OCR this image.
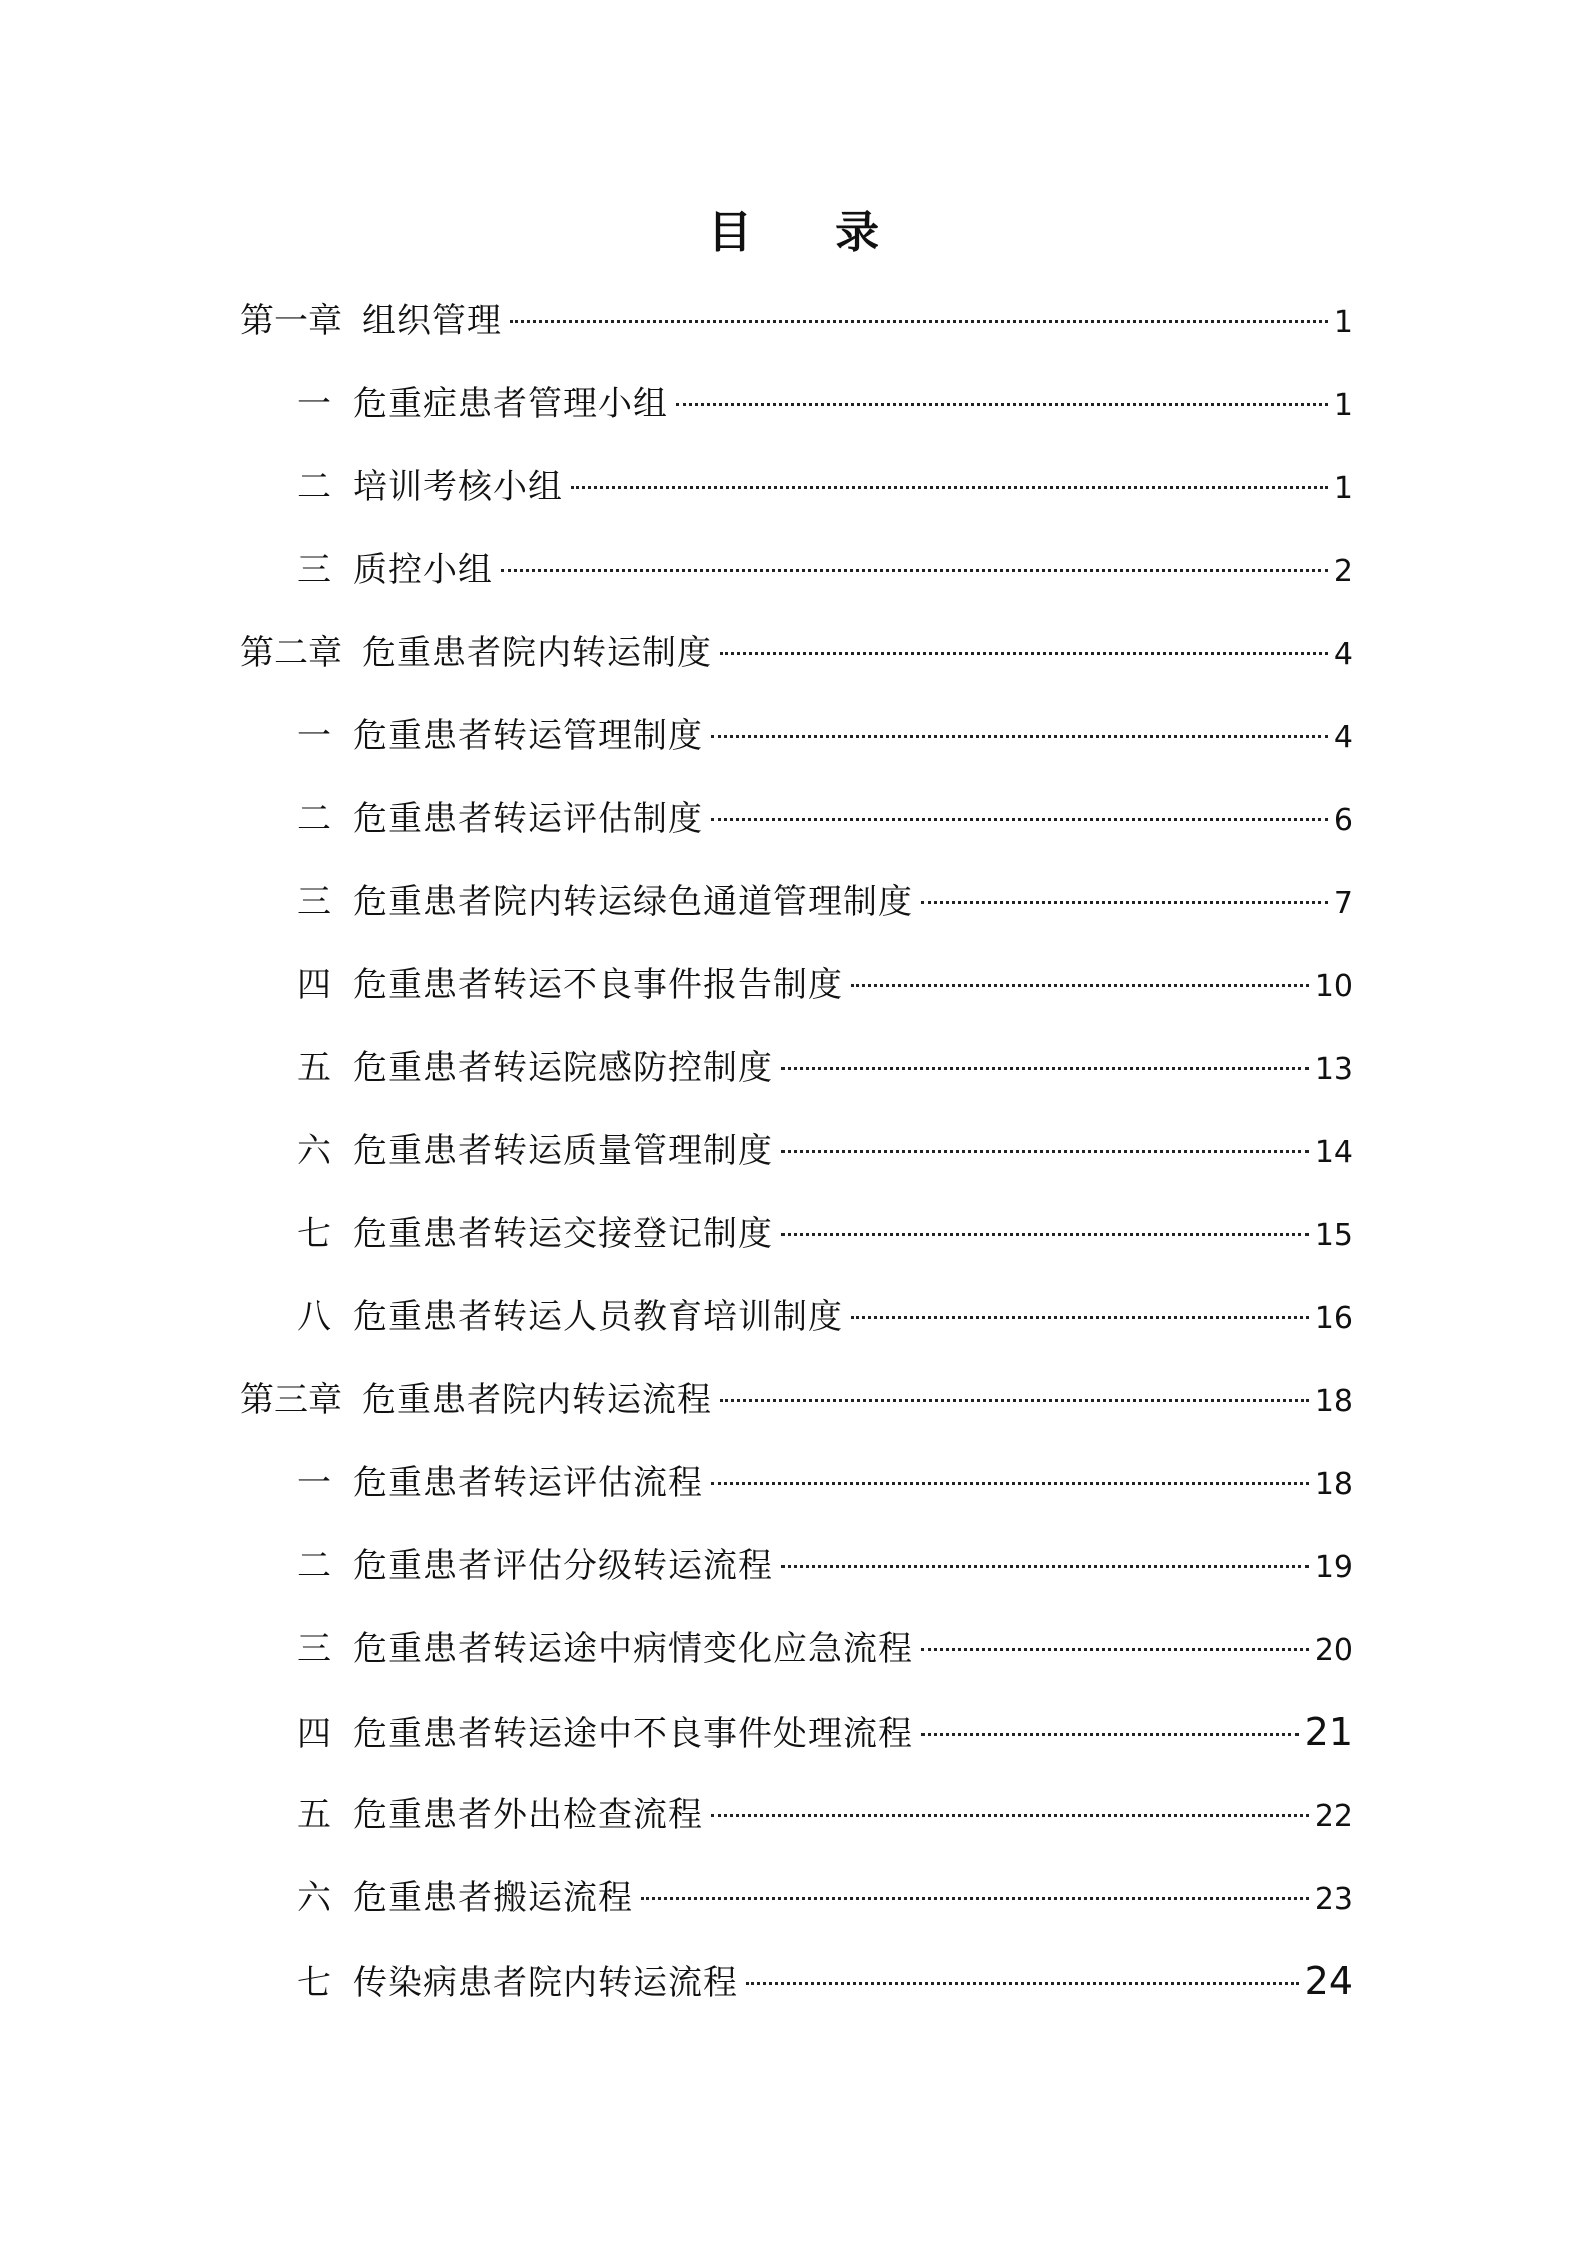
目 录
第一章 组织管理	1
一 危重症患者管理小组	1
二 培训考核小组	1
三 质控小组	2
第二章 危重患者院内转运制度	4
一 危重患者转运管理制度	4
二 危重患者转运评估制度	6
三 危重患者院内转运绿色通道管理制度	7
四 危重患者转运不良事件报告制度	10
五 危重患者转运院感防控制度	13
六 危重患者转运质量管理制度	14
七 危重患者转运交接登记制度	15
八 危重患者转运人员教育培训制度	16
第三章 危重患者院内转运流程	18
一 危重患者转运评估流程	18
二 危重患者评估分级转运流程	19
三 危重患者转运途中病情变化应急流程	20
四 危重患者转运途中不良事件处理流程	21
五 危重患者外出检查流程	22
六 危重患者搬运流程	23
七 传染病患者院内转运流程	24
